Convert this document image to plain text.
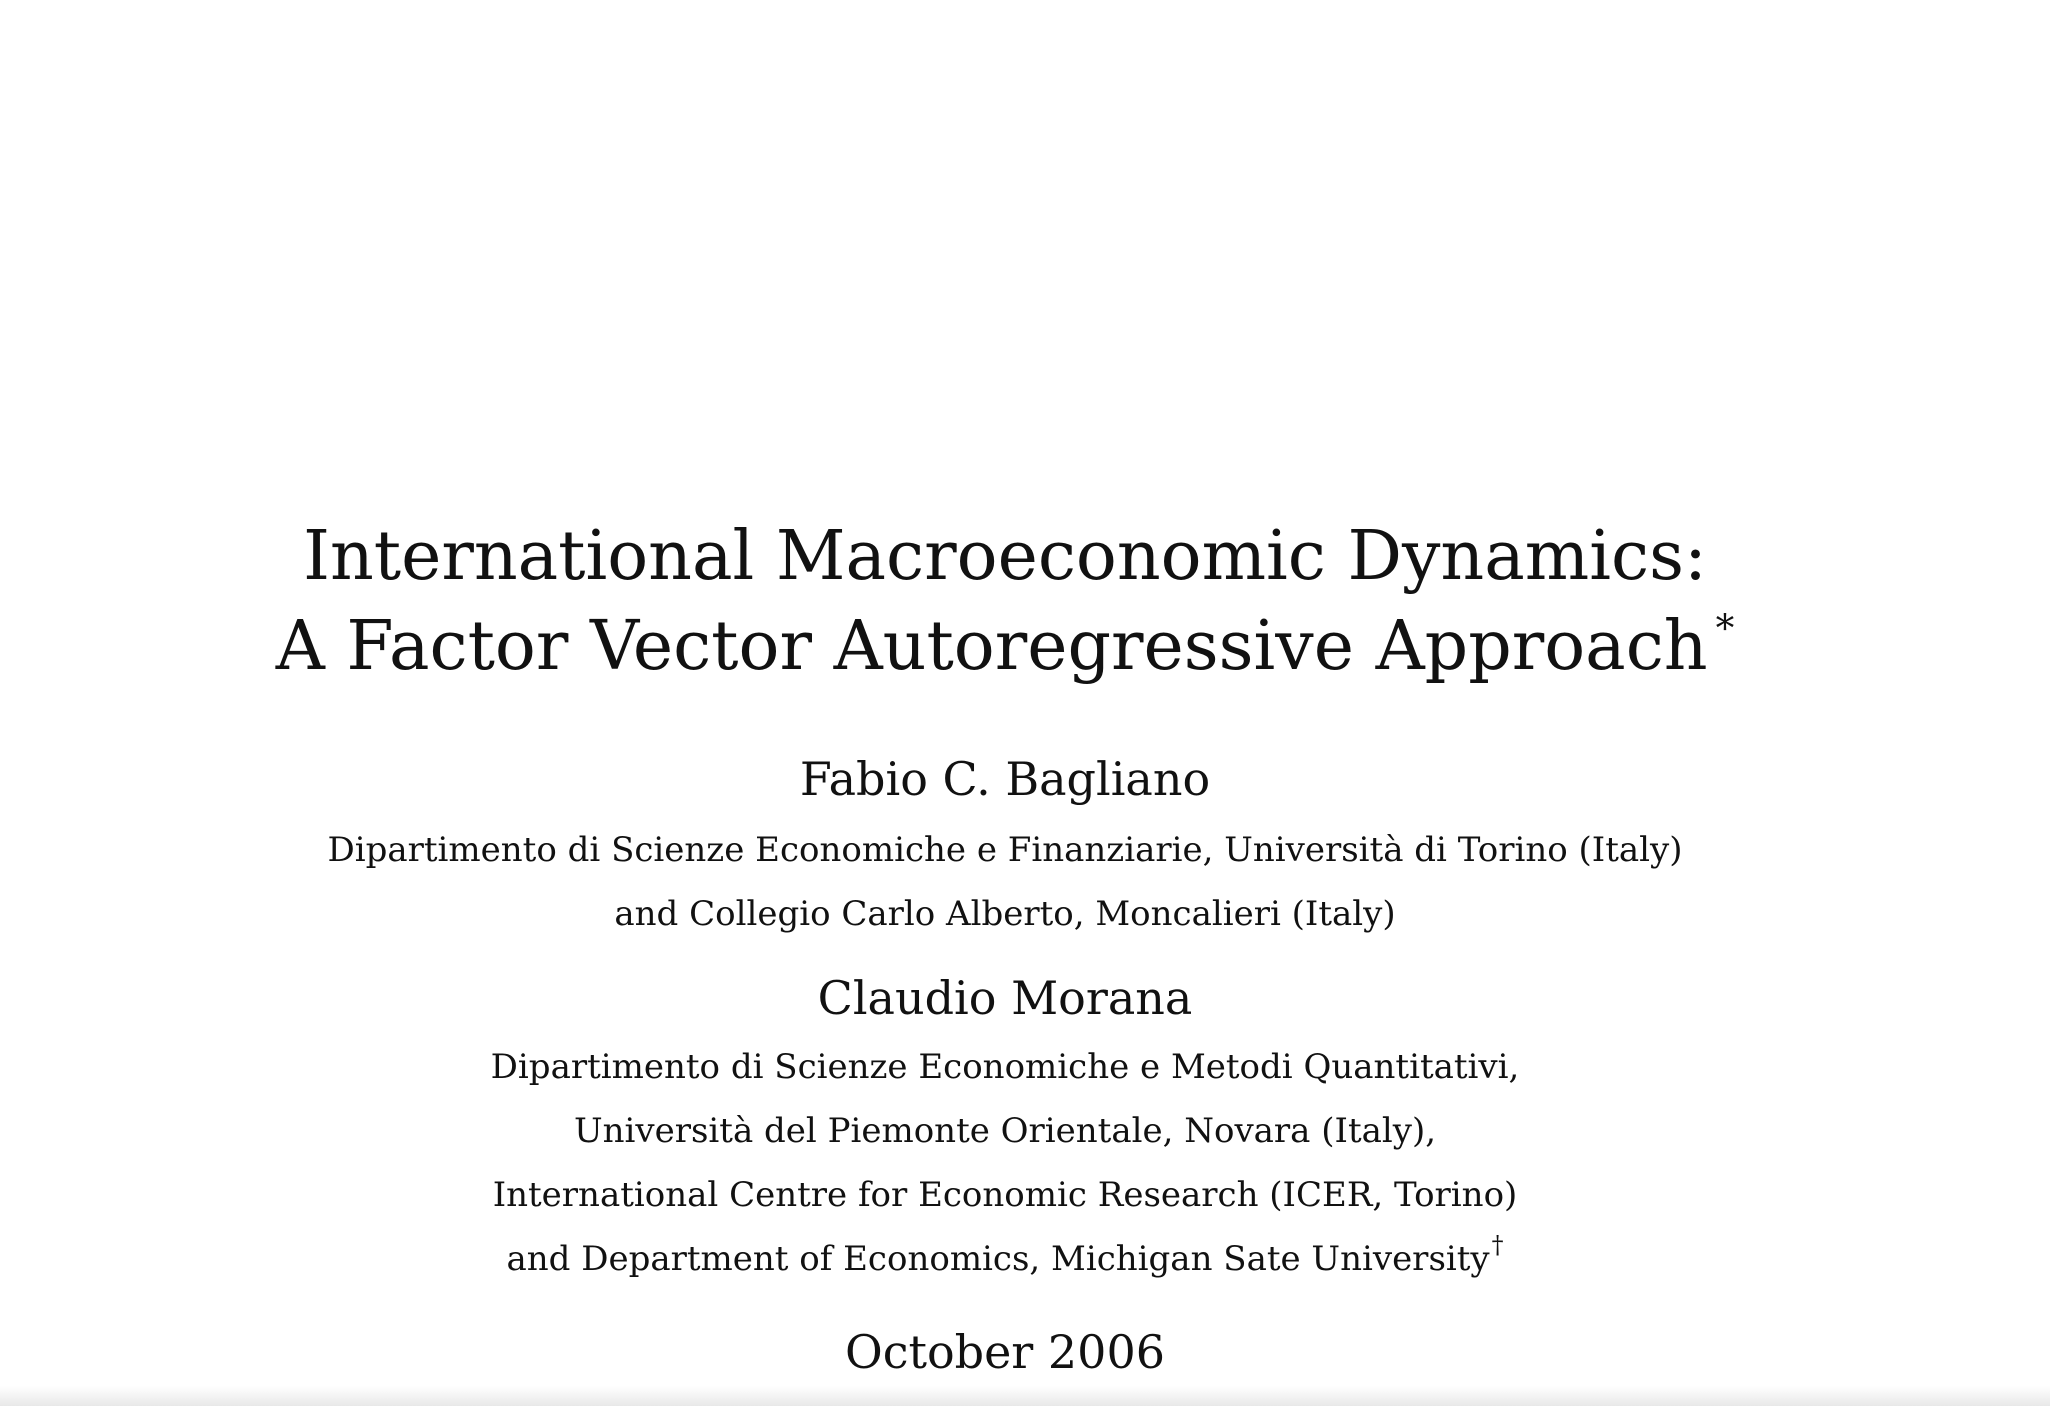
International Macroeconomic Dynamics:
A Factor Vector Autoregressive Approach *
Fabio C. Bagliano
Dipartimento di Scienze Economiche e Finanziarie, Università di Torino (Italy)
and Collegio Carlo Alberto, Moncalieri (Italy)
Claudio Morana
Dipartimento di Scienze Economiche e Metodi Quantitativi,
Università del Piemonte Orientale, Novara (Italy),
International Centre for Economic Research (ICER, Torino)
and Department of Economics, Michigan Sate University†
October 2006
